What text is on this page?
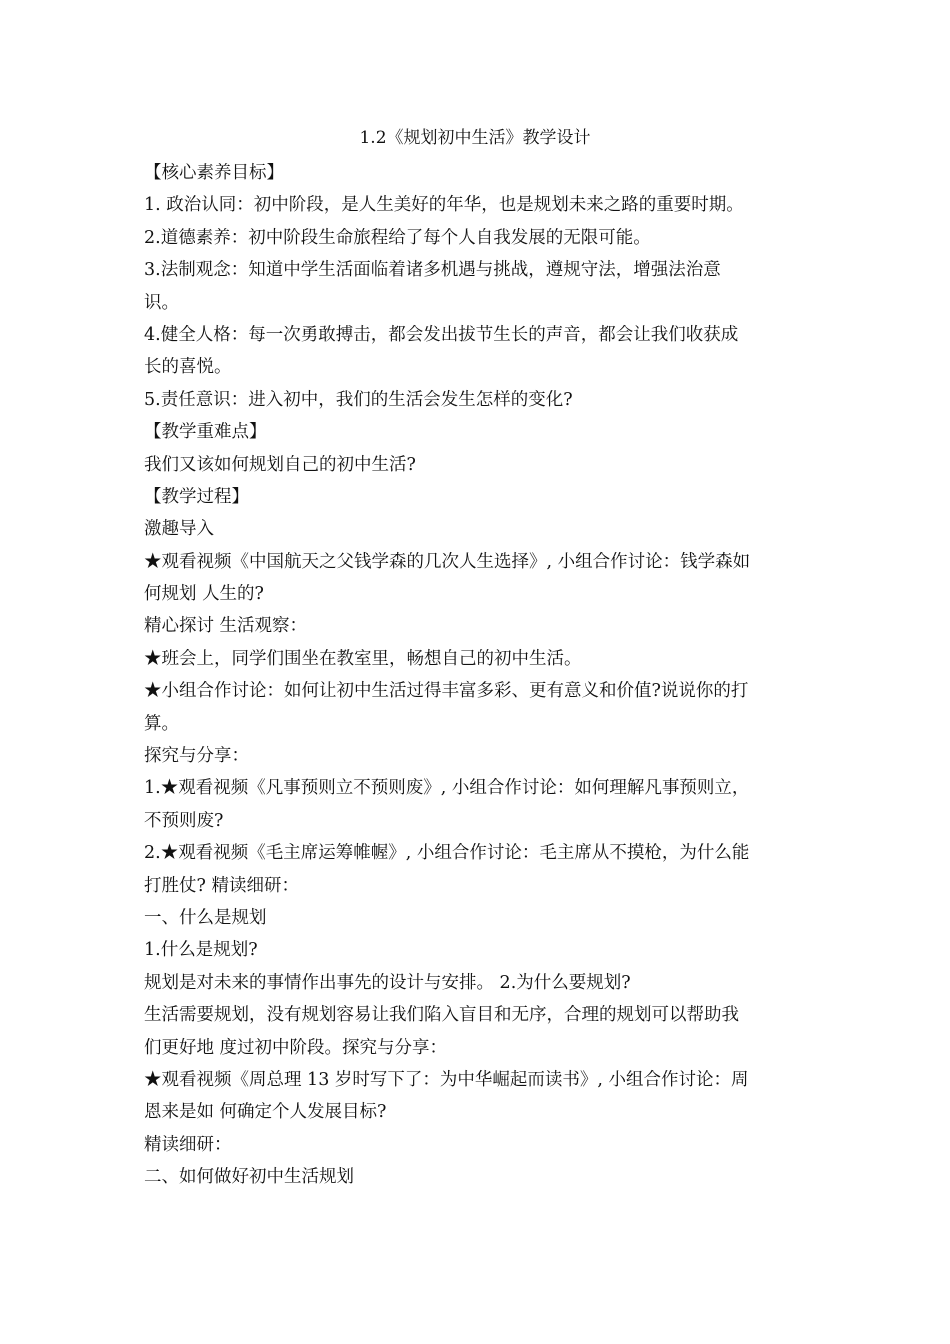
1.2《规划初中生活》教学设计
【核心素养目标】
1. 政治认同：初中阶段，是人生美好的年华，也是规划未来之路的重要时期。
2.道德素养：初中阶段生命旅程给了每个人自我发展的无限可能。
3.法制观念：知道中学生活面临着诸多机遇与挑战，遵规守法，增强法治意
识。
4.健全人格：每一次勇敢搏击，都会发出拔节生长的声音，都会让我们收获成
长的喜悦。
5.责任意识：进入初中，我们的生活会发生怎样的变化?
【教学重难点】
我们又该如何规划自己的初中生活?
【教学过程】
激趣导入
★观看视频《中国航天之父钱学森的几次人生选择》, 小组合作讨论：钱学森如
何规划 人生的?
精心探讨 生活观察：
★班会上，同学们围坐在教室里，畅想自己的初中生活。
★小组合作讨论：如何让初中生活过得丰富多彩、更有意义和价值?说说你的打
算。
探究与分享：
1.★观看视频《凡事预则立不预则废》, 小组合作讨论：如何理解凡事预则立，
不预则废?
2.★观看视频《毛主席运筹帷幄》, 小组合作讨论：毛主席从不摸枪，为什么能
打胜仗? 精读细研：
一、什么是规划
1.什么是规划?
规划是对未来的事情作出事先的设计与安排。 2.为什么要规划?
生活需要规划，没有规划容易让我们陷入盲目和无序，合理的规划可以帮助我
们更好地 度过初中阶段。探究与分享：
★观看视频《周总理 13 岁时写下了：为中华崛起而读书》, 小组合作讨论：周
恩来是如 何确定个人发展目标?
精读细研：
二、如何做好初中生活规划
